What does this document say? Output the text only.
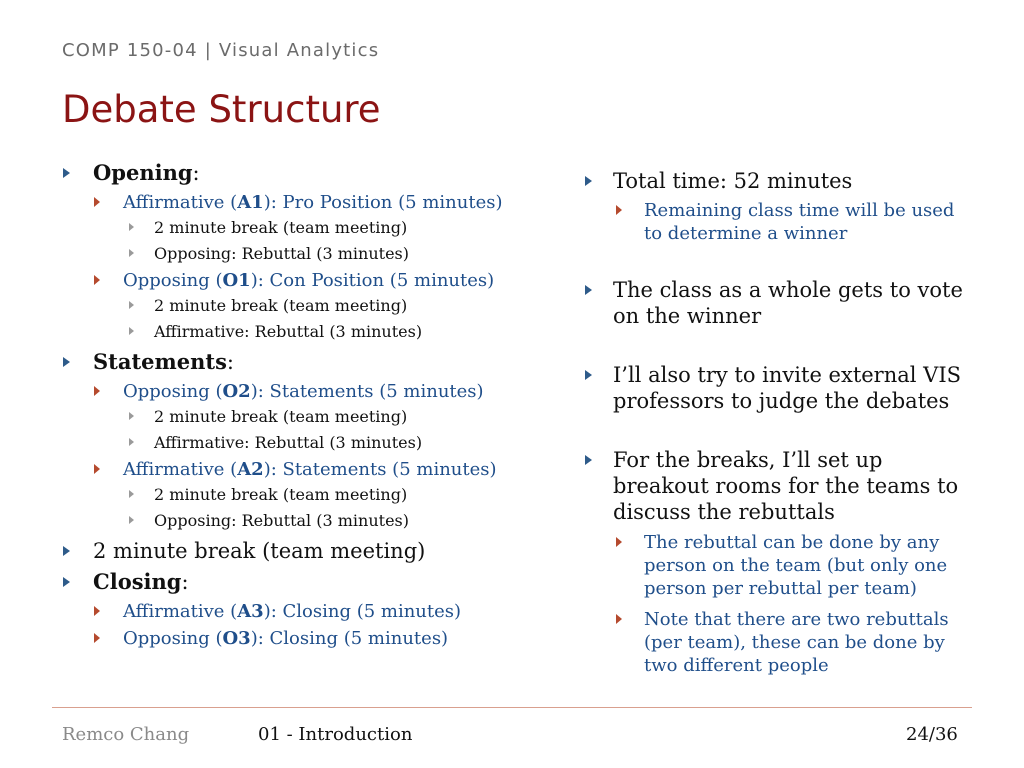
COMP 150-04 | Visual Analytics
Debate Structure
Opening:
Affirmative (A1): Pro Position (5 minutes)
2 minute break (team meeting)
Opposing: Rebuttal (3 minutes)
Opposing (O1): Con Position (5 minutes)
2 minute break (team meeting)
Affirmative: Rebuttal (3 minutes)
Statements:
Opposing (O2): Statements (5 minutes)
2 minute break (team meeting)
Affirmative: Rebuttal (3 minutes)
Affirmative (A2): Statements (5 minutes)
2 minute break (team meeting)
Opposing: Rebuttal (3 minutes)
2 minute break (team meeting)
Closing:
Affirmative (A3): Closing (5 minutes)
Opposing (O3): Closing (5 minutes)
Total time: 52 minutes
Remaining class time will be used to determine a winner
The class as a whole gets to vote on the winner
I’ll also try to invite external VIS professors to judge the debates
For the breaks, I’ll set up breakout rooms for the teams to discuss the rebuttals
The rebuttal can be done by any person on the team (but only one person per rebuttal per team)
Note that there are two rebuttals (per team), these can be done by two different people
Remco Chang	01 - Introduction	24/36
